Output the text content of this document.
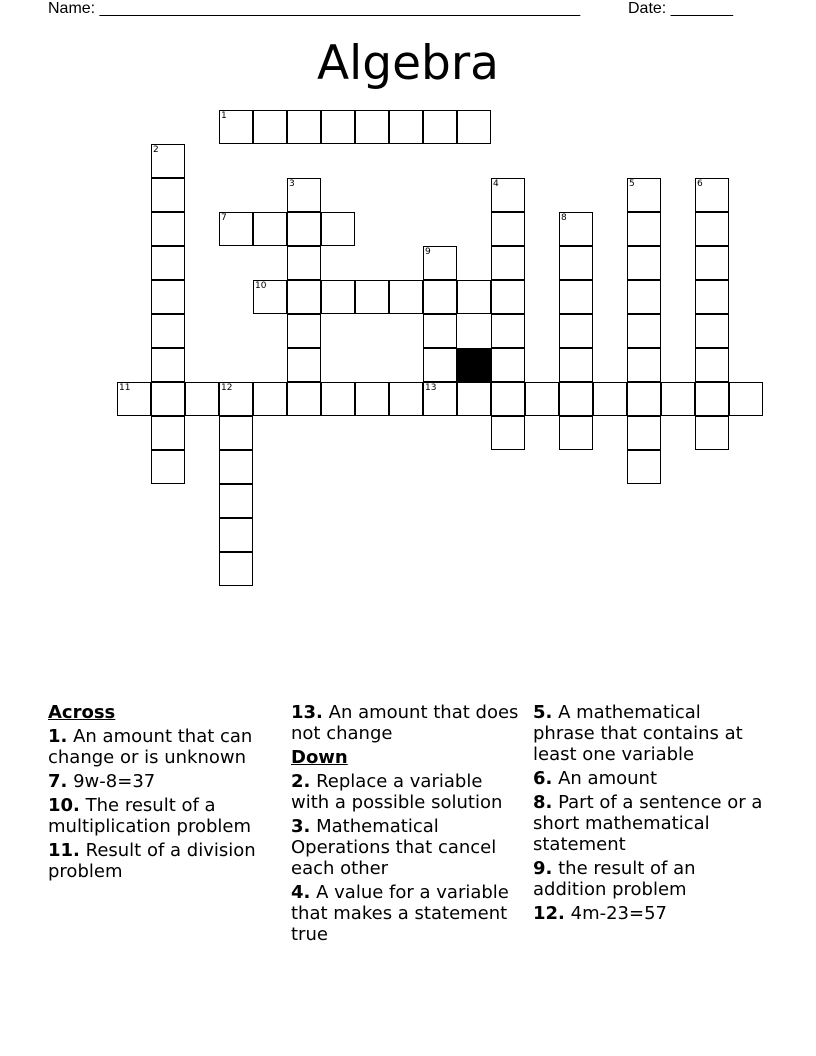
Name: ______________________________________________________	Date: _______
Algebra
11	12	13
1
7
10
2
3	4	5	6
8
9
Across
1. An amount that can change or is unknown
7. 9w-8=37
10. The result of a multiplication problem
11. Result of a division problem
13. An amount that does not change
Down
2. Replace a variable with a possible solution
3. Mathematical Operations that cancel each other
4. A value for a variable that makes a statement true
5. A mathematical phrase that contains at least one variable
6. An amount
8. Part of a sentence or a short mathematical statement
9. the result of an addition problem
12. 4m-23=57
